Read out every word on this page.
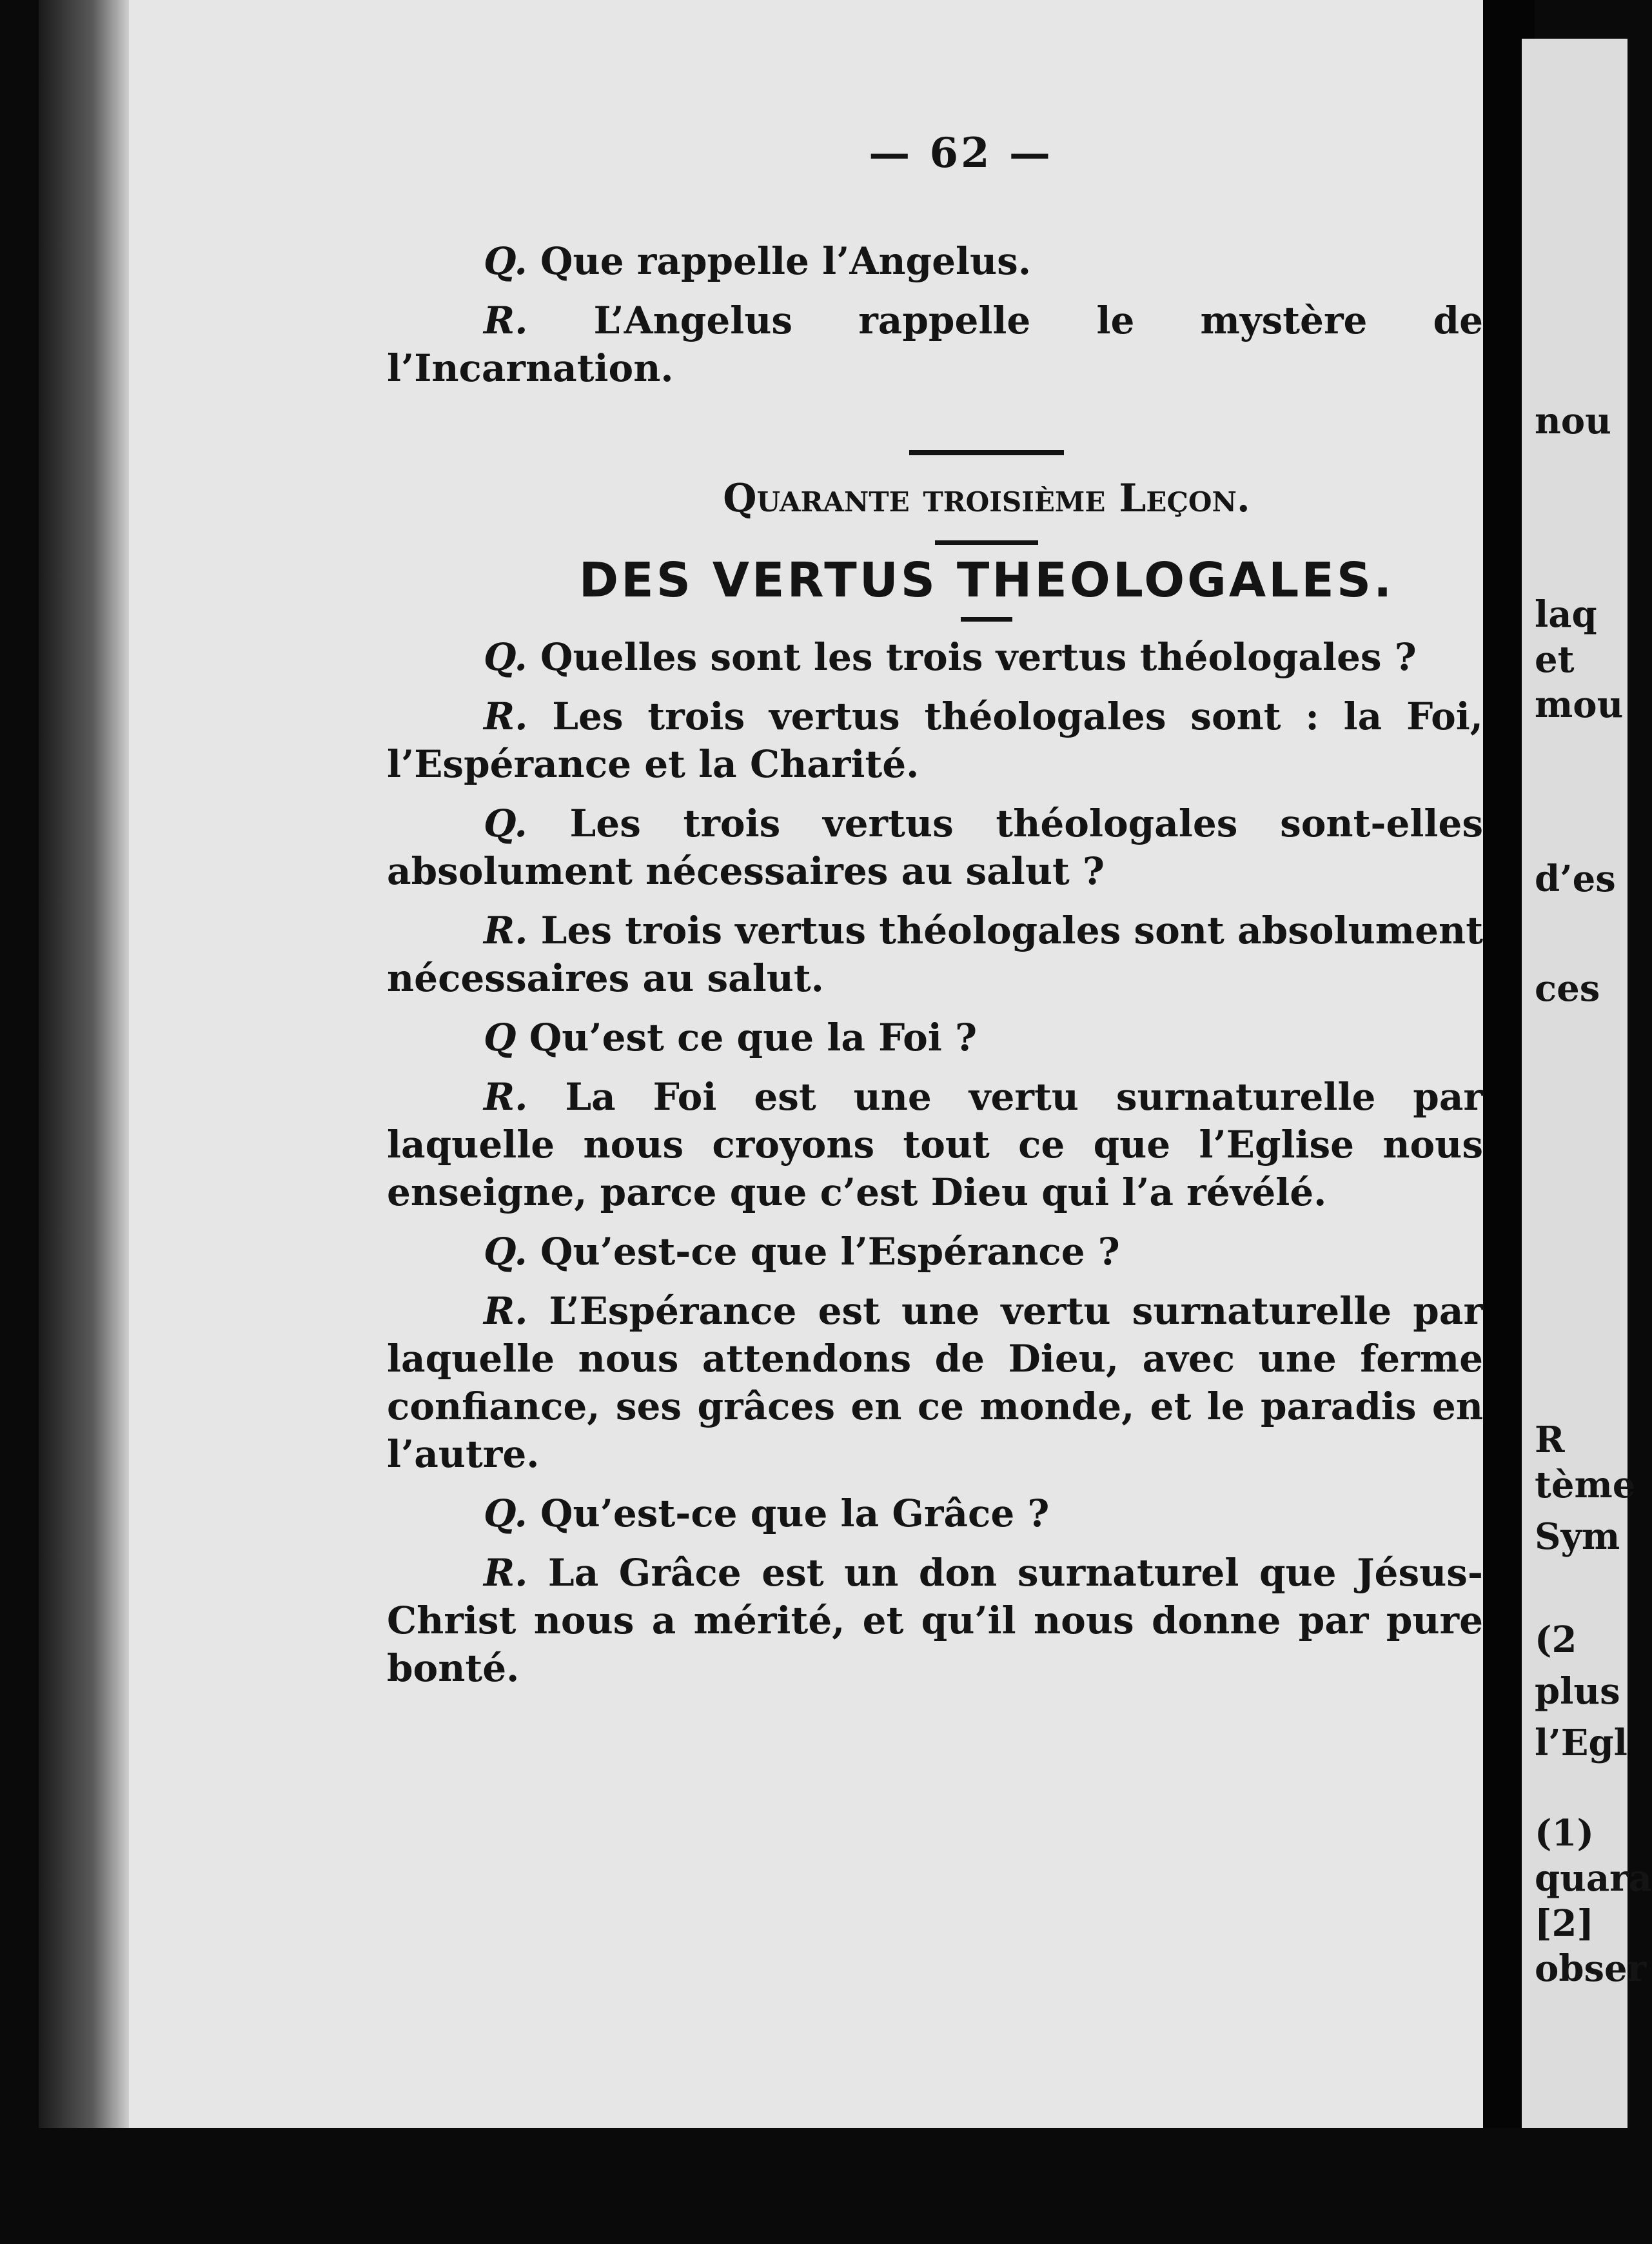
nou
laq
et
mou
d’es
ces
R
tème
Sym
(2
plus
l’Egl
(1)
quara
[2]
obser
— 62 —

Q. Que rappelle l’Angelus.

R. L’Angelus rappelle le mystère de l’Incarnation.

Quarante troisième Leçon.
DES VERTUS THEOLOGALES.

Q. Quelles sont les trois vertus théologales ?

R. Les trois vertus théologales sont : la Foi, l’Espérance et la Charité.

Q. Les trois vertus théologales sont-elles absolument nécessaires au salut ?

R. Les trois vertus théologales sont absolument nécessaires au salut.

Q Qu’est ce que la Foi ?

R. La Foi est une vertu surnaturelle par laquelle nous croyons tout ce que l’Eglise nous enseigne, parce que c’est Dieu qui l’a révélé.

Q. Qu’est-ce que l’Espérance ?

R. L’Espérance est une vertu surnaturelle par laquelle nous attendons de Dieu, avec une ferme confiance, ses grâces en ce monde, et le paradis en l’autre.

Q. Qu’est-ce que la Grâce ?

R. La Grâce est un don surnaturel que Jésus-Christ nous a mérité, et qu’il nous donne par pure bonté.
